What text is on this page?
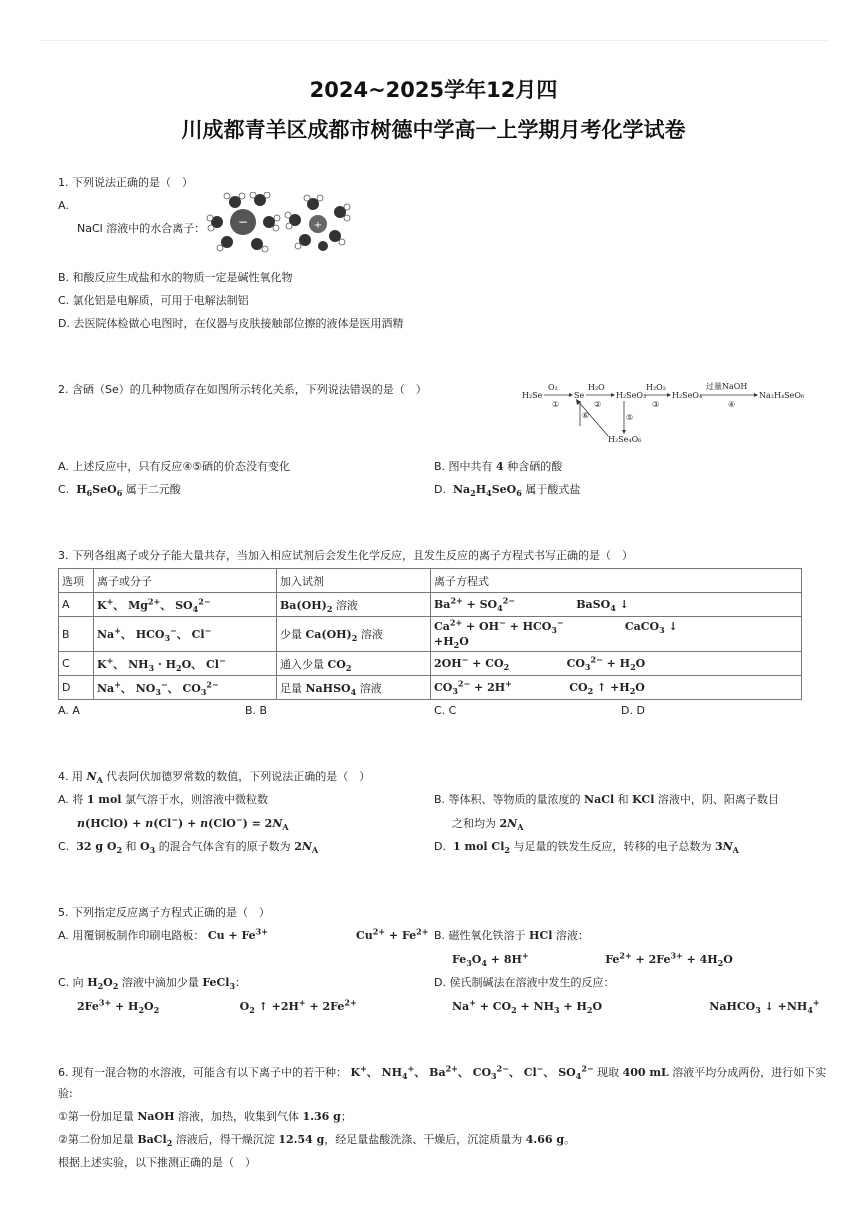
2024~2025学年12月四
川成都青羊区成都市树德中学高一上学期月考化学试卷
1. 下列说法正确的是（　）
A.
NaCl 溶液中的水合离子：	−	+
B. 和酸反应生成盐和水的物质一定是碱性氧化物
C. 氯化铝是电解质，可用于电解法制铝
D. 去医院体检做心电图时，在仪器与皮肤接触部位擦的液体是医用酒精
2. 含硒（Se）的几种物质存在如图所示转化关系，下列说法错误的是（　）	H₂Se
O₂
①
Se
H₂O
②
H₂SeO₃
H₂O₂
③
H₂SeO₄
过量NaOH
④
Na₂H₄SeO₆
⑤
H₂Se₄O₆
⑥
A. 上述反应中，只有反应④⑤硒的价态没有变化	B. 图中共有 4 种含硒的酸
C. $H_6SeO_6$ 属于二元酸	D. $Na_2H_4SeO_6$ 属于酸式盐
3. 下列各组离子或分子能大量共存，当加入相应试剂后会发生化学反应，且发生反应的离子方程式书写正确的是（　）
选项	离子或分子	加入试剂	离子方程式
A	K+、 $Mg^{2+}$、 $SO_4^{2-}$	$Ba(OH)_2$ 溶液	$Ba^{2+} + SO_4^{2-}$                BaSO$_4$ ↓
B	Na+、 $HCO_3^-$、 Cl−	少量 $Ca(OH)_2$ 溶液	$Ca^{2+} + OH^- + HCO_3^-$                CaCO$_3$ ↓
$+H_2O$
C	K+、 $NH_3 \cdot H_2O$、 Cl−	通入少量 $CO_2$	$2OH^- + CO_2$               $CO_3^{2-} + H_2O$
D	Na+、 $NO_3^-$、 $CO_3^{2-}$	足量 NaHSO$_4$ 溶液	$CO_3^{2-} + 2H^+$               $CO_2$ ↑ $+H_2O$
A. A	B. B	C. C	D. D
4. 用 $N_A$ 代表阿伏加德罗常数的数值，下列说法正确的是（　）
A. 将 1 mol 氯气溶于水，则溶液中微粒数
n(HClO) + $n(Cl^-) + n(ClO^-) = 2N_A$
B. 等体积、等物质的量浓度的 NaCl 和 KCl 溶液中，阴、阳离子数目
之和均为 $2N_A$
C. 32 g $O_2$ 和 $O_3$ 的混合气体含有的原子数为 $2N_A$	D. 1 mol $Cl_2$ 与足量的铁发生反应，转移的电子总数为 $3N_A$
5. 下列指定反应离子方程式正确的是（　）
A. 用覆铜板制作印刷电路板： $Cu + Fe^{3+}$                       $Cu^{2+} + Fe^{2+}$ B. 磁性氧化铁溶于 HCl 溶液：
$Fe_3O_4 + 8H^+$                    $Fe^{2+} + 2Fe^{3+} + 4H_2O$
C. 向 $H_2O_2$ 溶液中滴加少量 FeCl$_3$：
$2Fe^{3+} + H_2O_2$                     $O_2$ ↑ $+2H^+ + 2Fe^{2+}$
D. 侯氏制碱法在溶液中发生的反应：
$Na^+ + CO_2 + NH_3 + H_2O$                            NaHCO$_3$ ↓ $+NH_4^+$
6. 现有一混合物的水溶液，可能含有以下离子中的若干种： K+、 $NH_4^+$、 $Ba^{2+}$、 $CO_3^{2-}$、 Cl−、 $SO_4^{2-}$ 现取 400 mL 溶液平均分成两份，进行如下实
验:
①第一份加足量 NaOH 溶液，加热，收集到气体 1.36 g；
②第二份加足量 BaCl$_2$ 溶液后，得干燥沉淀 12.54 g，经足量盐酸洗涤、干燥后，沉淀质量为 4.66 g。
根据上述实验，以下推测正确的是（　）
